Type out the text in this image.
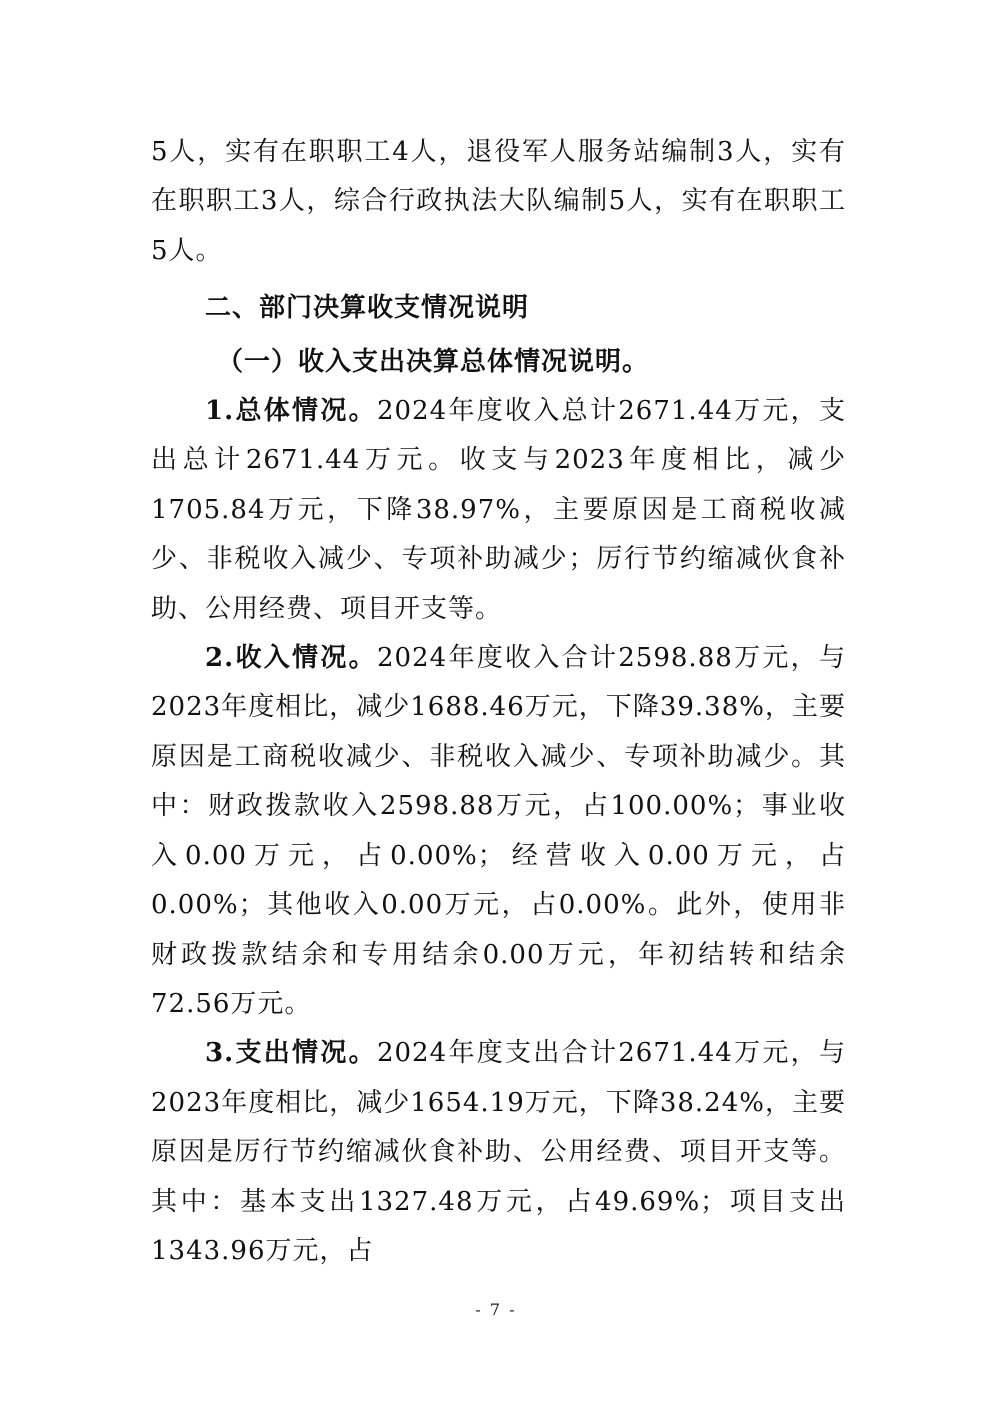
5人，实有在职职工4人，退役军人服务站编制3人，实有在职职工3人，综合行政执法大队编制5人，实有在职职工5人。

二、部门决算收支情况说明

（一）收入支出决算总体情况说明。

1.总体情况。2024年度收入总计2671.44万元，支出总计2671.44万元。收支与2023年度相比，减少1705.84万元，下降38.97%，主要原因是工商税收减少、非税收入减少、专项补助减少；厉行节约缩减伙食补助、公用经费、项目开支等。

2.收入情况。2024年度收入合计2598.88万元，与2023年度相比，减少1688.46万元，下降39.38%，主要原因是工商税收减少、非税收入减少、专项补助减少。其中：财政拨款收入2598.88万元，占100.00%；事业收入0.00万元，占0.00%；经营收入0.00万元，占0.00%；其他收入0.00万元，占0.00%。此外，使用非财政拨款结余和专用结余0.00万元，年初结转和结余72.56万元。

3.支出情况。2024年度支出合计2671.44万元，与2023年度相比，减少1654.19万元，下降38.24%，主要原因是厉行节约缩减伙食补助、公用经费、项目开支等。其中：基本支出1327.48万元，占49.69%；项目支出1343.96万元，占

- 7 -
